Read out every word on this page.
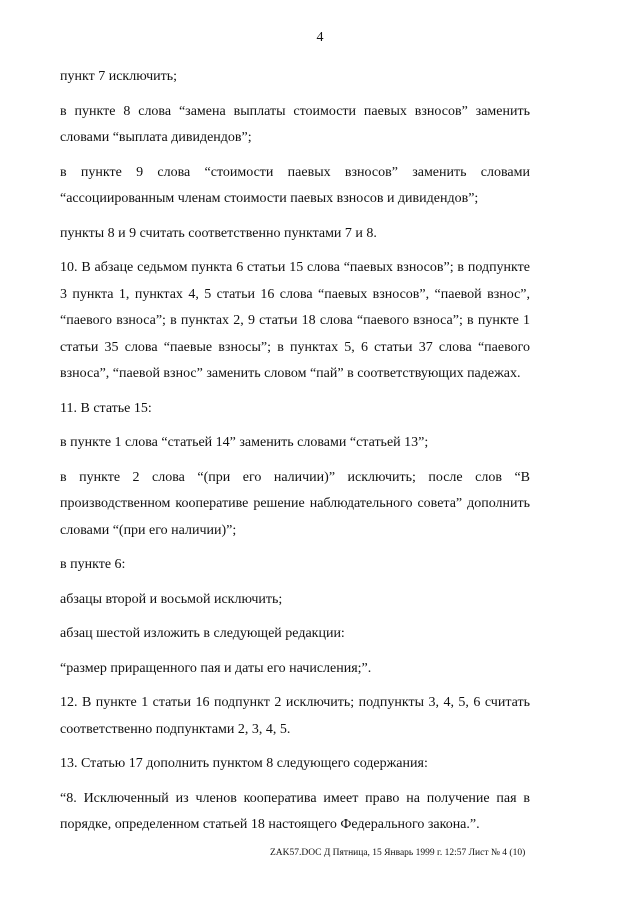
4

пункт 7 исключить;

в пункте 8 слова “замена выплаты стоимости паевых взносов” заменить словами “выплата дивидендов”;

в пункте 9 слова “стоимости паевых взносов” заменить словами “ассоциированным членам стоимости паевых взносов и дивидендов”;

пункты 8 и 9 считать соответственно пунктами 7 и 8.

10. В абзаце седьмом пункта 6 статьи 15 слова “паевых взносов”; в подпункте 3 пункта 1, пунктах 4, 5 статьи 16 слова “паевых взносов”, “паевой взнос”, “паевого взноса”; в пунктах 2, 9 статьи 18 слова “паевого взноса”; в пункте 1 статьи 35 слова “паевые взносы”; в пунктах 5, 6 статьи 37 слова “паевого взноса”, “паевой взнос” заменить словом “пай” в соответствующих падежах.

11. В статье 15:

в пункте 1 слова “статьей 14” заменить словами “статьей 13”;

в пункте 2 слова “(при его наличии)” исключить; после слов “В производственном кооперативе решение наблюдательного совета” дополнить словами “(при его наличии)”;

в пункте 6:

абзацы второй и восьмой исключить;

абзац шестой изложить в следующей редакции:

“размер приращенного пая и даты его начисления;”.

12. В пункте 1 статьи 16 подпункт 2 исключить; подпункты 3, 4, 5, 6 считать соответственно подпунктами 2, 3, 4, 5.

13. Статью 17 дополнить пунктом 8 следующего содержания:

“8. Исключенный из членов кооператива имеет право на получение пая в порядке, определенном статьей 18 настоящего Федерального закона.”.

ZAK57.DOC Д Пятница, 15 Январь 1999 г. 12:57 Лист № 4 (10)
